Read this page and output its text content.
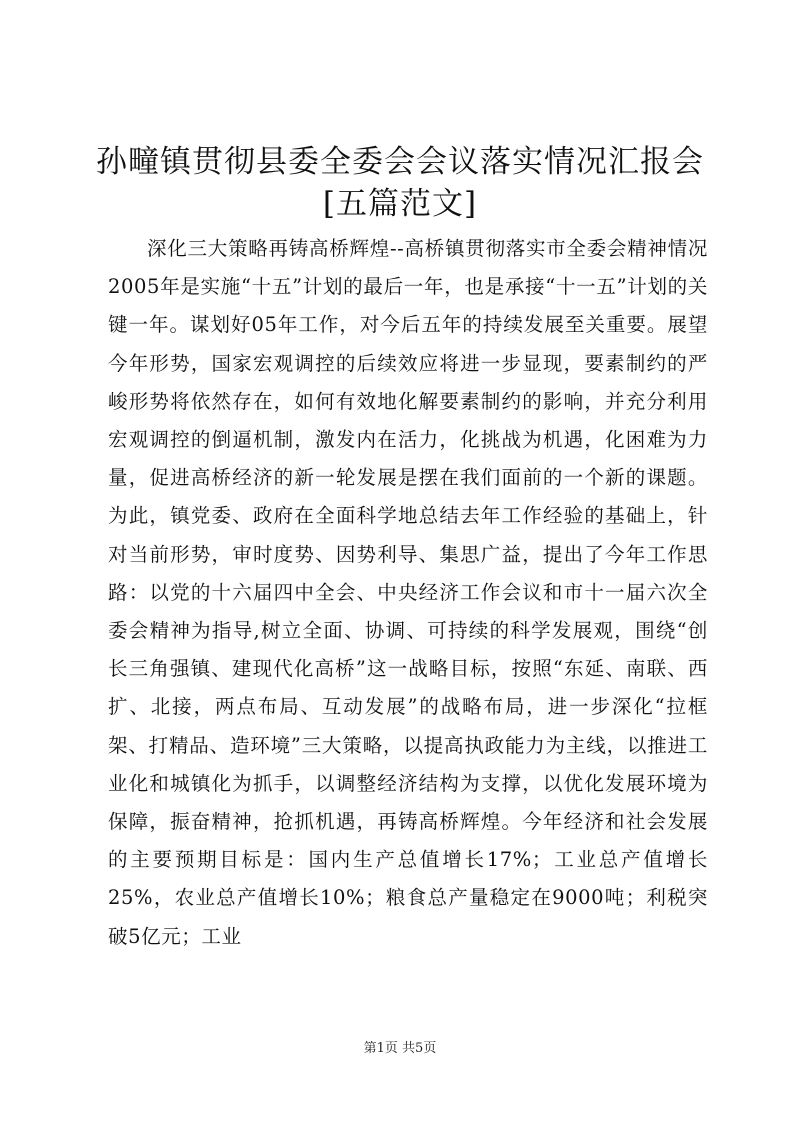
孙疃镇贯彻县委全委会会议落实情况汇报会
[五篇范文]

深化三大策略再铸高桥辉煌--高桥镇贯彻落实市全委会精神情况2005年是实施“十五”计划的最后一年，也是承接“十一五”计划的关键一年。谋划好05年工作，对今后五年的持续发展至关重要。展望今年形势，国家宏观调控的后续效应将进一步显现，要素制约的严峻形势将依然存在，如何有效地化解要素制约的影响，并充分利用宏观调控的倒逼机制，激发内在活力，化挑战为机遇，化困难为力量，促进高桥经济的新一轮发展是摆在我们面前的一个新的课题。为此，镇党委、政府在全面科学地总结去年工作经验的基础上，针对当前形势，审时度势、因势利导、集思广益，提出了今年工作思路：以党的十六届四中全会、中央经济工作会议和市十一届六次全委会精神为指导,树立全面、协调、可持续的科学发展观，围绕“创长三角强镇、建现代化高桥”这一战略目标，按照“东延、南联、西扩、北接，两点布局、互动发展”的战略布局，进一步深化“拉框架、打精品、造环境”三大策略，以提高执政能力为主线，以推进工业化和城镇化为抓手，以调整经济结构为支撑，以优化发展环境为保障，振奋精神，抢抓机遇，再铸高桥辉煌。今年经济和社会发展的主要预期目标是：国内生产总值增长17%；工业总产值增长25%，农业总产值增长10%；粮食总产量稳定在9000吨；利税突破5亿元；工业

第1页 共5页
